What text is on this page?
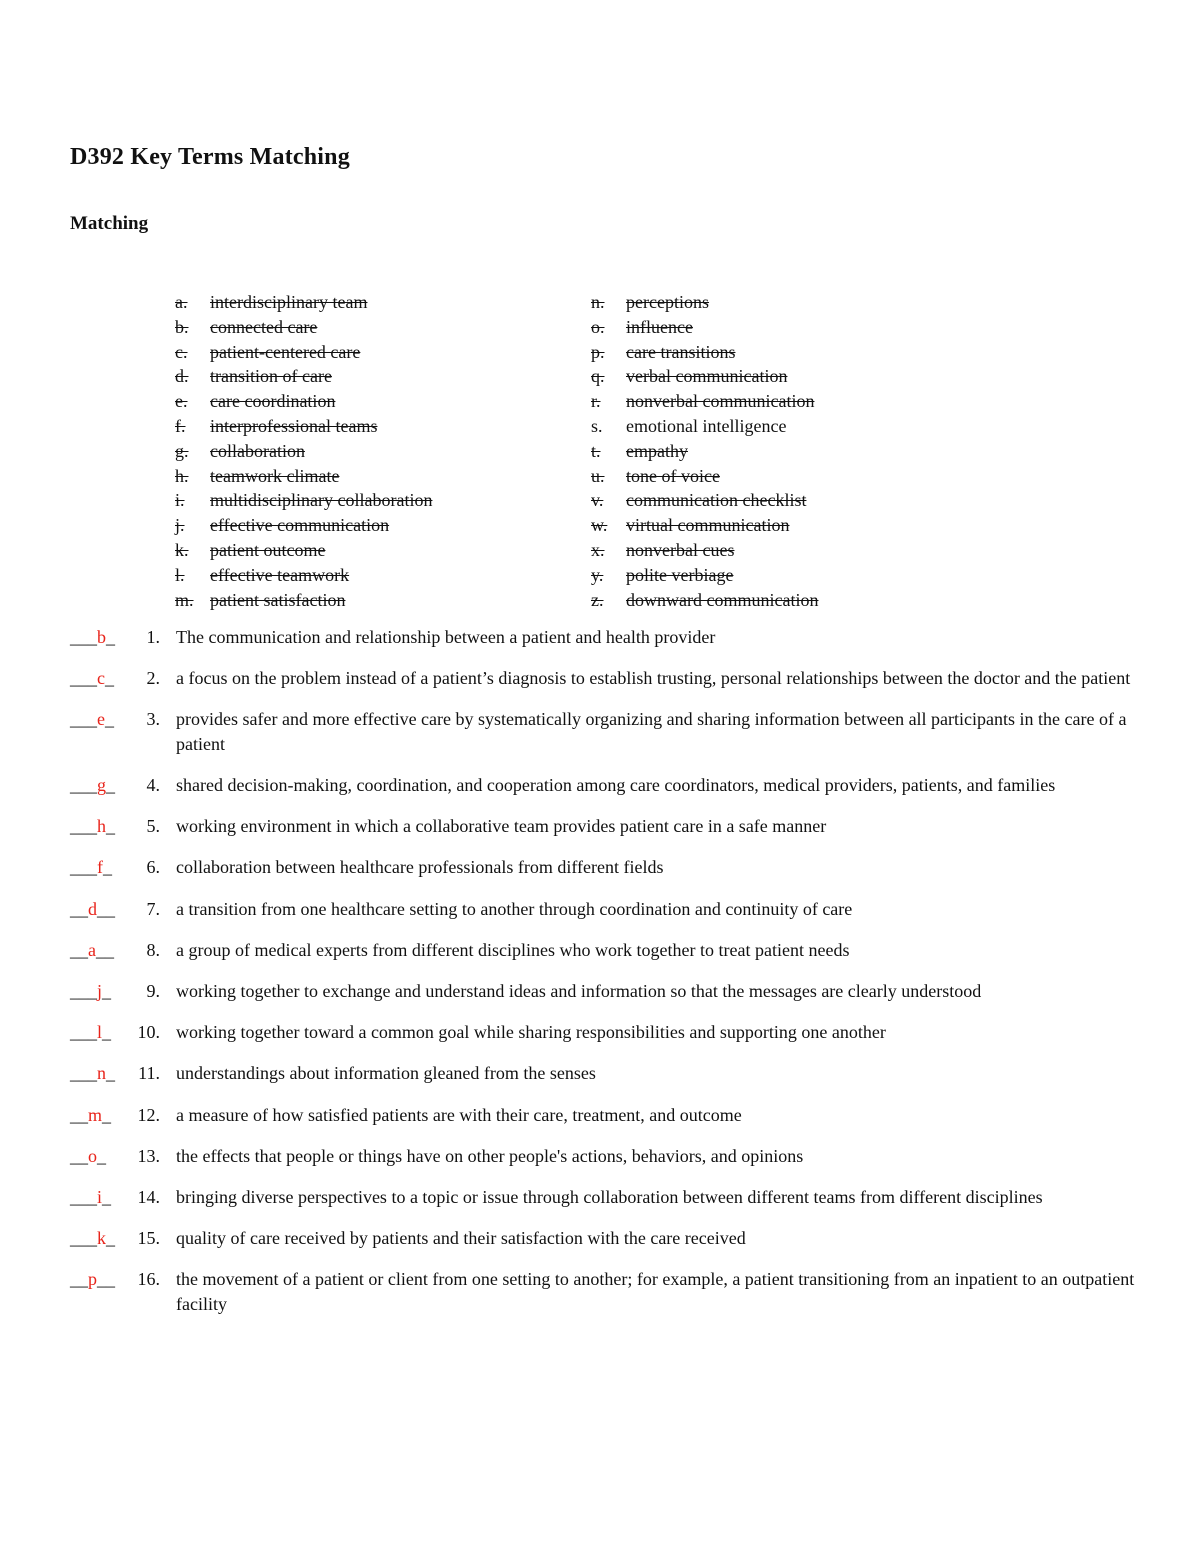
D392 Key Terms Matching
Matching
a. interdisciplinary team
b. connected care
c. patient-centered care
d. transition of care
e. care coordination
f. interprofessional teams
g. collaboration
h. teamwork climate
i. multidisciplinary collaboration
j. effective communication
k. patient outcome
l. effective teamwork
m. patient satisfaction
n. perceptions
o. influence
p. care transitions
q. verbal communication
r. nonverbal communication
s. emotional intelligence
t. empathy
u. tone of voice
v. communication checklist
w. virtual communication
x. nonverbal cues
y. polite verbiage
z. downward communication
___b_	1. The communication and relationship between a patient and health provider
___c_	2. a focus on the problem instead of a patient’s diagnosis to establish trusting, personal relationships between the doctor and the patient
___e_	3. provides safer and more effective care by systematically organizing and sharing information between all participants in the care of a patient
___g_	4. shared decision-making, coordination, and cooperation among care coordinators, medical providers, patients, and families
___h_	5. working environment in which a collaborative team provides patient care in a safe manner
___f_	6. collaboration between healthcare professionals from different fields
__d__	7. a transition from one healthcare setting to another through coordination and continuity of care
__a__	8. a group of medical experts from different disciplines who work together to treat patient needs
___j_	9. working together to exchange and understand ideas and information so that the messages are clearly understood
___l_ 10. working together toward a common goal while sharing responsibilities and supporting one another
___n_ 11. understandings about information gleaned from the senses
__m_ 12. a measure of how satisfied patients are with their care, treatment, and outcome
__o_ 13. the effects that people or things have on other people's actions, behaviors, and opinions
___i_ 14. bringing diverse perspectives to a topic or issue through collaboration between different teams from different disciplines
___k_ 15. quality of care received by patients and their satisfaction with the care received
__p__ 16. the movement of a patient or client from one setting to another; for example, a patient transitioning from an inpatient to an outpatient facility
